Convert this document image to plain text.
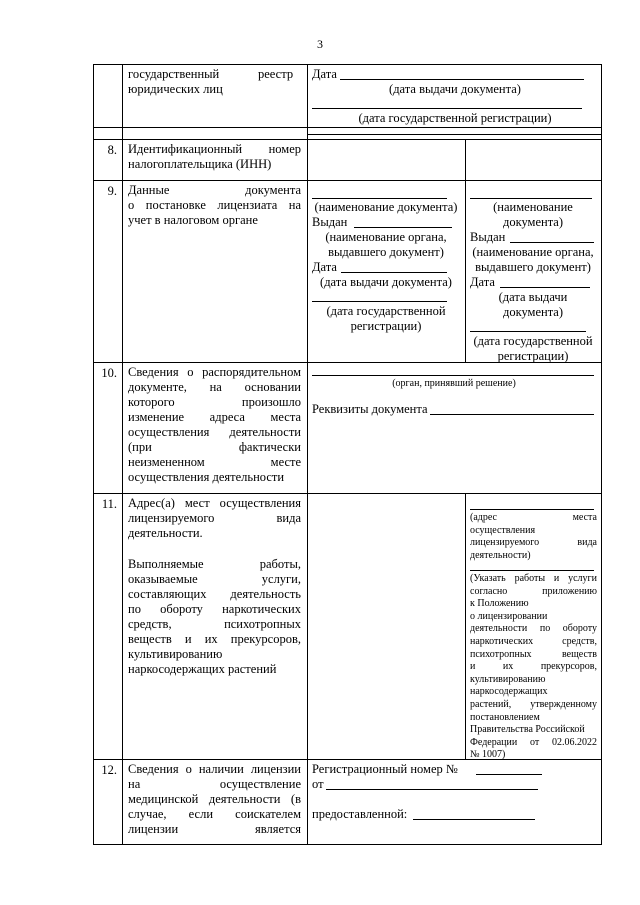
3
государственный	реестр
юридических лиц
Дата
(дата выдачи документа)
(дата государственной регистрации)
8. Идентификационный номер
налогоплательщика (ИНН)
9. Данные документа
о постановке лицензиата на
учет в налоговом органе
(наименование документа)
Выдан
(наименование органа,
выдавшего документ)
Дата
(дата выдачи документа)
(дата государственной
регистрации)
(наименование
документа)
Выдан
(наименование органа,
выдавшего документ)
Дата
(дата выдачи
документа)
(дата государственной
регистрации)
10. Сведения о распорядительном
документе, на основании
которого произошло
изменение адреса места
осуществления деятельности
(при фактически
неизмененном месте
осуществления деятельности
(орган, принявший решение)
Реквизиты документа
11. Адрес(а) мест осуществления
лицензируемого вида
деятельности.
Выполняемые работы,
оказываемые услуги,
составляющих деятельность
по обороту наркотических
средств, психотропных
веществ и их прекурсоров,
культивированию
наркосодержащих растений
(адрес места
осуществления
лицензируемого вида
деятельности)
(Указать работы и услуги
согласно приложению
к Положению
о лицензировании
деятельности по обороту
наркотических средств,
психотропных веществ
и их прекурсоров,
культивированию
наркосодержащих
растений, утвержденному
постановлением
Правительства Российской
Федерации от 02.06.2022
№ 1007)
12. Сведения о наличии лицензии
на осуществление
медицинской деятельности (в
случае, если соискателем
лицензии является
Регистрационный номер №
от
предоставленной:
